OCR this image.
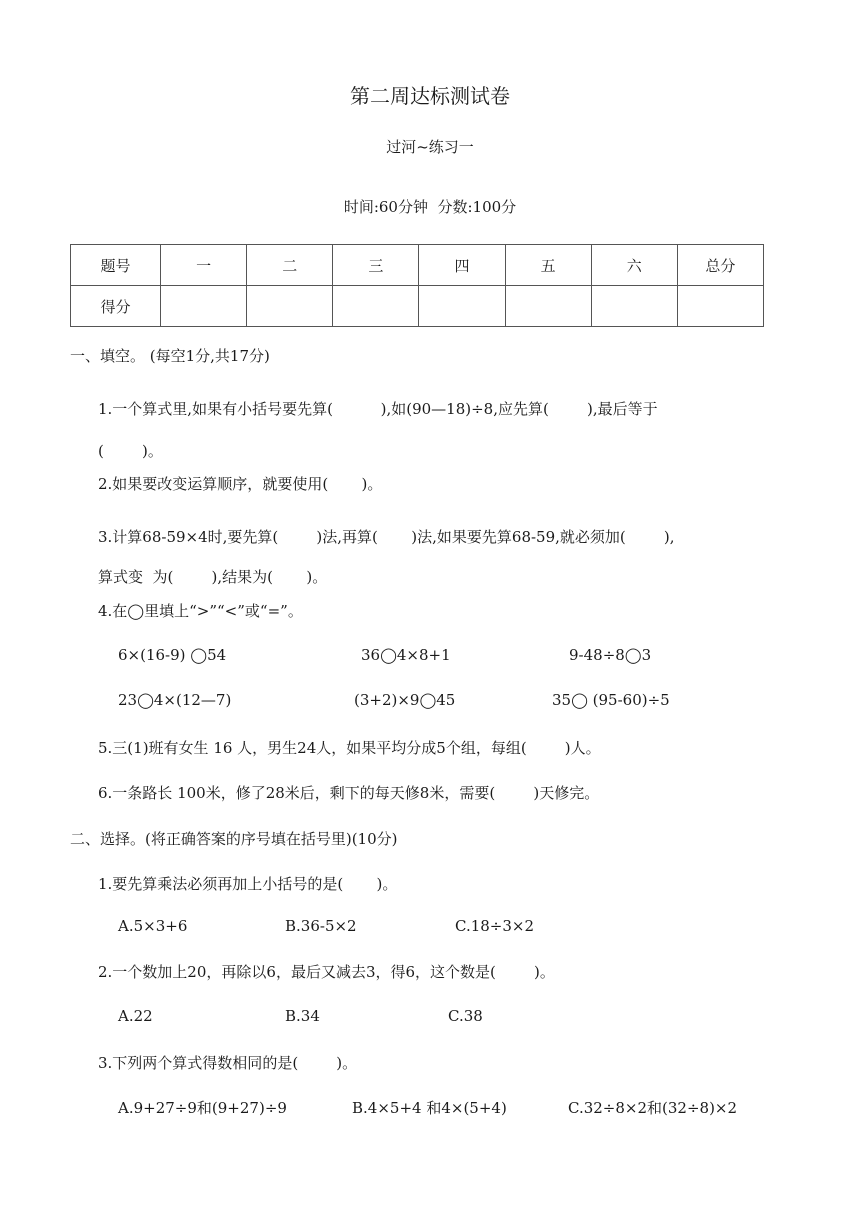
第二周达标测试卷
过河~练习一
时间:60分钟  分数:100分
题号	一	二	三	四	五	六	总分
得分							
一、填空。 (每空1分,共17分)
1.一个算式里,如果有小括号要先算(          ),如(90—18)÷8,应先算(        ),最后等于
(        )。
2.如果要改变运算顺序，就要使用(       )。
3.计算68-59×4时,要先算(        )法,再算(       )法,如果要先算68-59,就必须加(        ),
算式变  为(        ),结果为(       )。
4.在◯里填上“>”“<”或“=”。
6×(16-9) ◯54	36◯4×8+1	9-48÷8◯3
23◯4×(12—7)	(3+2)×9◯45	35◯ (95-60)÷5
5.三(1)班有女生 16 人，男生24人，如果平均分成5个组，每组(        )人。
6.一条路长 100米，修了28米后，剩下的每天修8米，需要(        )天修完。
二、选择。(将正确答案的序号填在括号里)(10分)
1.要先算乘法必须再加上小括号的是(       )。
A.5×3+6	B.36-5×2	C.18÷3×2
2.一个数加上20，再除以6，最后又减去3，得6，这个数是(        )。
A.22	B.34	C.38
3.下列两个算式得数相同的是(        )。
A.9+27÷9和(9+27)÷9	B.4×5+4 和4×(5+4)	C.32÷8×2和(32÷8)×2
